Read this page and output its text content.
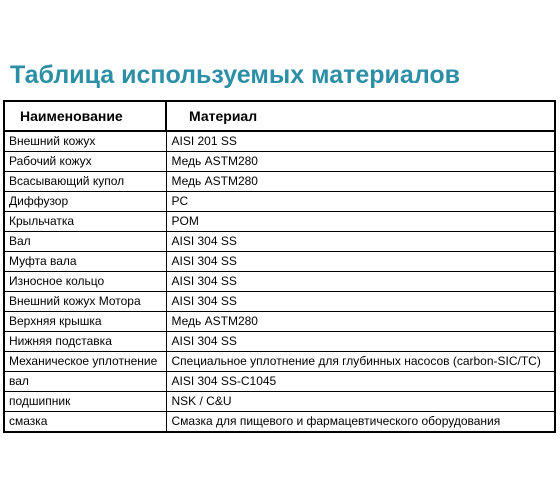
Таблица используемых материалов
Наименование	Материал
Внешний кожух	AISI 201 SS
Рабочий кожух	Медь ASTM280
Всасывающий купол	Медь ASTM280
Диффузор	PC
Крыльчатка	POM
Вал	AISI 304 SS
Муфта вала	AISI 304 SS
Износное кольцо	AISI 304 SS
Внешний кожух Мотора	AISI 304 SS
Верхняя крышка	Медь ASTM280
Нижняя подставка	AISI 304 SS
Механическое уплотнение	Специальное уплотнение для глубинных насосов (carbon-SIC/TC)
вал	AISI 304 SS-C1045
подшипник	NSK / C&U
смазка	Смазка для пищевого и фармацевтического оборудования
